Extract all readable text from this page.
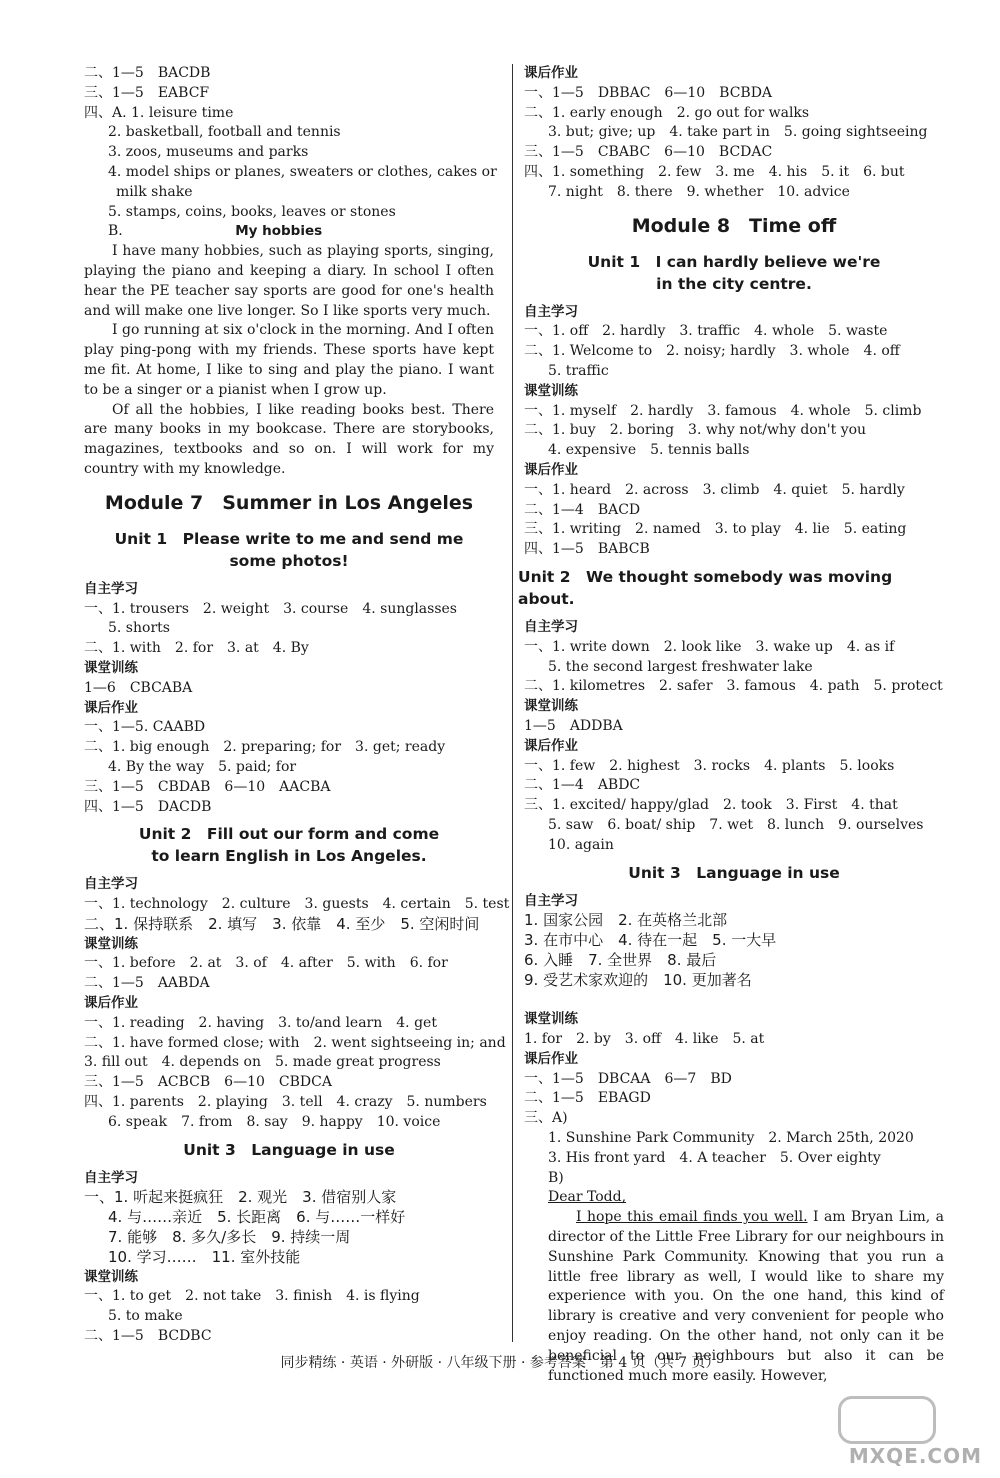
二、1—5　BACDB
三、1—5　EABCF
四、A. 1. leisure time
2. basketball, football and tennis
3. zoos, museums and parks
4. model ships or planes, sweaters or clothes, cakes or
milk shake
5. stamps, coins, books, leaves or stones
B.	My hobbies

I have many hobbies, such as playing sports, singing, playing the piano and keeping a diary. In school I often hear the PE teacher say sports are good for one's health and will make one live longer. So I like sports very much.

I go running at six o'clock in the morning. And I often play ping-pong with my friends. These sports have kept me fit. At home, I like to sing and play the piano. I want to be a singer or a pianist when I grow up.

Of all the hobbies, I like reading books best. There are many books in my bookcase. There are storybooks, magazines, textbooks and so on. I will work for my country with my knowledge.

Module 7　Summer in Los Angeles
Unit 1　Please write to me and send me
some photos!
自主学习
一、1. trousers　2. weight　3. course　4. sunglasses
5. shorts
二、1. with　2. for　3. at　4. By
课堂训练
1—6　CBCABA
课后作业
一、1—5. CAABD
二、1. big enough　2. preparing; for　3. get; ready
4. By the way　5. paid; for
三、1—5　CBDAB　6—10　AACBA
四、1—5　DACDB
Unit 2　Fill out our form and come
to learn English in Los Angeles.
自主学习
一、1. technology　2. culture　3. guests　4. certain　5. test
二、1. 保持联系　2. 填写　3. 依靠　4. 至少　5. 空闲时间
课堂训练
一、1. before　2. at　3. of　4. after　5. with　6. for
二、1—5　AABDA
课后作业
一、1. reading　2. having　3. to/and learn　4. get
二、1. have formed close; with　2. went sightseeing in; and
3. fill out　4. depends on　5. made great progress
三、1—5　ACBCB　6—10　CBDCA
四、1. parents　2. playing　3. tell　4. crazy　5. numbers
6. speak　7. from　8. say　9. happy　10. voice
Unit 3　Language in use
自主学习
一、1. 听起来挺疯狂　2. 观光　3. 借宿别人家
4. 与……亲近　5. 长距离　6. 与……一样好
7. 能够　8. 多久/多长　9. 持续一周
10. 学习……　11. 室外技能
课堂训练
一、1. to get　2. not take　3. finish　4. is flying
5. to make
二、1—5　BCDBC
课后作业
一、1—5　DBBAC　6—10　BCBDA
二、1. early enough　2. go out for walks
3. but; give; up　4. take part in　5. going sightseeing
三、1—5　CBABC　6—10　BCDAC
四、1. something　2. few　3. me　4. his　5. it　6. but
7. night　8. there　9. whether　10. advice
Module 8　Time off
Unit 1　I can hardly believe we're
in the city centre.
自主学习
一、1. off　2. hardly　3. traffic　4. whole　5. waste
二、1. Welcome to　2. noisy; hardly　3. whole　4. off
5. traffic
课堂训练
一、1. myself　2. hardly　3. famous　4. whole　5. climb
二、1. buy　2. boring　3. why not/why don't you
4. expensive　5. tennis balls
课后作业
一、1. heard　2. across　3. climb　4. quiet　5. hardly
二、1—4　BACD
三、1. writing　2. named　3. to play　4. lie　5. eating
四、1—5　BABCB
Unit 2　We thought somebody was moving about.
自主学习
一、1. write down　2. look like　3. wake up　4. as if
5. the second largest freshwater lake
二、1. kilometres　2. safer　3. famous　4. path　5. protect
课堂训练
1—5　ADDBA
课后作业
一、1. few　2. highest　3. rocks　4. plants　5. looks
二、1—4　ABDC
三、1. excited/ happy/glad　2. took　3. First　4. that
5. saw　6. boat/ ship　7. wet　8. lunch　9. ourselves
10. again
Unit 3　Language in use
自主学习
1. 国家公园　2. 在英格兰北部
3. 在市中心　4. 待在一起　5. 一大早
6. 入睡　7. 全世界　8. 最后
9. 受艺术家欢迎的　10. 更加著名
课堂训练
1. for　2. by　3. off　4. like　5. at
课后作业
一、1—5　DBCAA　6—7　BD
二、1—5　EBAGD
三、A)
1. Sunshine Park Community　2. March 25th, 2020
3. His front yard　4. A teacher　5. Over eighty
B)
Dear Todd,

I hope this email finds you well. I am Bryan Lim, a director of the Little Free Library for our neighbours in Sunshine Park Community. Knowing that you run a little free library as well, I would like to share my experience with you. On the one hand, this kind of library is creative and very convenient for people who enjoy reading. On the other hand, not only can it be beneficial to our neighbours but also it can be functioned much more easily. However,

同步精练 · 英语 · 外研版 · 八年级下册 · 参考答案　第 4 页（共 7 页）
MXQE.COM
